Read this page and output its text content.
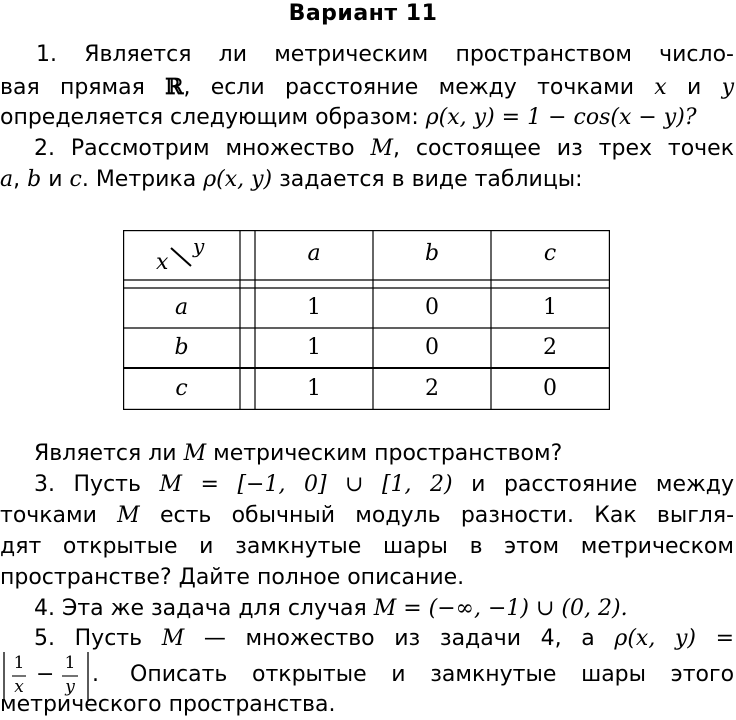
Вариант 11
1. Является ли метрическим пространством число-
вая прямая ℝ, если расстояние между точками x и y
определяется следующим образом: ρ(x, y) = 1 − cos(x − y)?
2. Рассмотрим множество M, состоящее из трех точек
a, b и c. Метрика ρ(x, y) задается в виде таблицы:
x
y	a	b	c
a	1	0	1
b	1	0	2
c	1	2	0
Является ли M метрическим пространством?
3. Пусть M = [−1, 0] ∪ [1, 2) и расстояние между
точками M есть обычный модуль разности. Как выгля-
дят открытые и замкнутые шары в этом метрическом
пространстве? Дайте полное описание.
4. Эта же задача для случая M = (−∞, −1) ∪ (0, 2).
5. Пусть M — множество из задачи 4, а ρ(x, y) =
1
x − 1
y . Описать открытые и замкнутые шары этого
метрического пространства.
